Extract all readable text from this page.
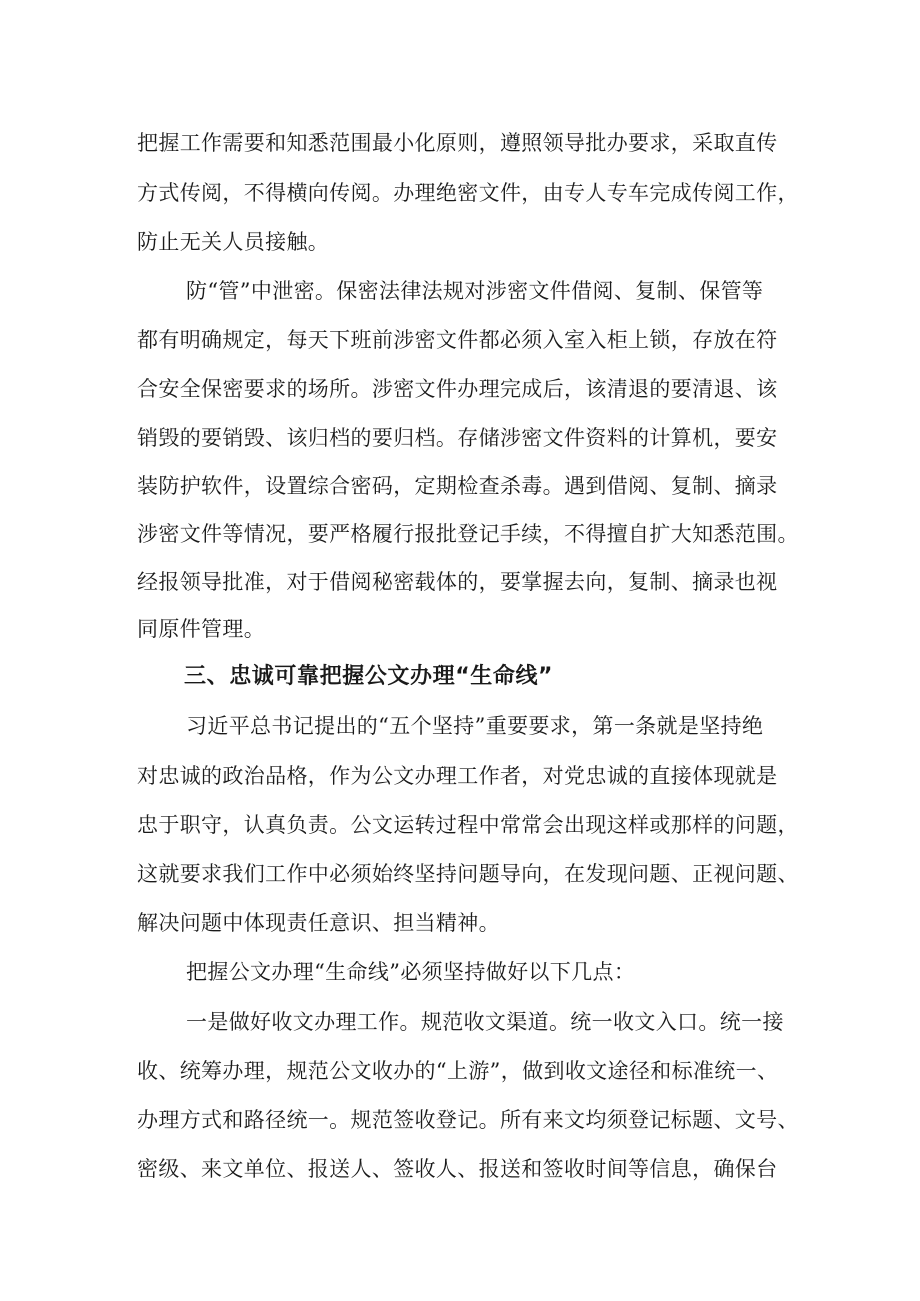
把握工作需要和知悉范围最小化原则，遵照领导批办要求，采取直传
方式传阅，不得横向传阅。办理绝密文件，由专人专车完成传阅工作，
防止无关人员接触。
防“管”中泄密。保密法律法规对涉密文件借阅、复制、保管等
都有明确规定，每天下班前涉密文件都必须入室入柜上锁，存放在符
合安全保密要求的场所。涉密文件办理完成后，该清退的要清退、该
销毁的要销毁、该归档的要归档。存储涉密文件资料的计算机，要安
装防护软件，设置综合密码，定期检查杀毒。遇到借阅、复制、摘录
涉密文件等情况，要严格履行报批登记手续，不得擅自扩大知悉范围。
经报领导批准，对于借阅秘密载体的，要掌握去向，复制、摘录也视
同原件管理。
三、忠诚可靠把握公文办理“生命线”
习近平总书记提出的“五个坚持”重要要求，第一条就是坚持绝
对忠诚的政治品格，作为公文办理工作者，对党忠诚的直接体现就是
忠于职守，认真负责。公文运转过程中常常会出现这样或那样的问题，
这就要求我们工作中必须始终坚持问题导向，在发现问题、正视问题、
解决问题中体现责任意识、担当精神。
把握公文办理“生命线”必须坚持做好以下几点：
一是做好收文办理工作。规范收文渠道。统一收文入口。统一接
收、统筹办理，规范公文收办的“上游”，做到收文途径和标准统一、
办理方式和路径统一。规范签收登记。所有来文均须登记标题、文号、
密级、来文单位、报送人、签收人、报送和签收时间等信息，确保台
